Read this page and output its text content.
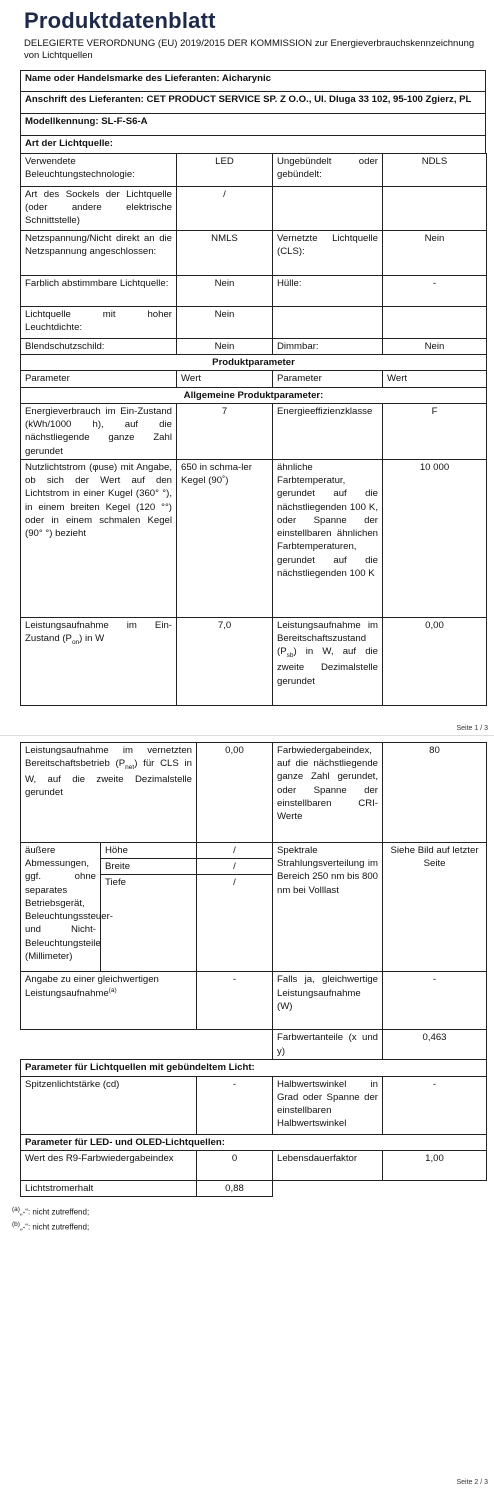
Produktdatenblatt
DELEGIERTE VERORDNUNG (EU) 2019/2015 DER KOMMISSION zur Energieverbrauchskennzeichnung von Lichtquellen
Name oder Handelsmarke des Lieferanten: Aicharynic
Anschrift des Lieferanten: CET PRODUCT SERVICE SP. Z O.O., Ul. Dluga 33 102, 95-100 Zgierz, PL
Modellkennung: SL-F-S6-A
Art der Lichtquelle:
Verwendete Beleuchtungstechnologie:	LED	Ungebündelt oder gebündelt:	NDLS
Art des Sockels der Lichtquelle (oder andere elektrische Schnittstelle)	/		
Netzspannung/Nicht direkt an die Netzspannung angeschlossen:	NMLS	Vernetzte Lichtquelle (CLS):	Nein
Farblich abstimmbare Lichtquelle:	Nein	Hülle:	-
Lichtquelle mit hoher Leuchtdichte:	Nein		
Blendschutzschild:	Nein	Dimmbar:	Nein
Produktparameter			
Parameter	Wert	Parameter	Wert
Allgemeine Produktparameter:			
Energieverbrauch im Ein-Zustand (kWh/1000 h), auf die nächstliegende ganze Zahl gerundet	7	Energieeffizienzklasse	F
Nutzlichtstrom (φuse) mit Angabe, ob sich der Wert auf den Lichtstrom in einer Kugel (360° °), in einem breiten Kegel (120 °°) oder in einem schmalen Kegel (90° °) bezieht	650 in schma-ler Kegel (90˚)	ähnliche Farbtemperatur, gerundet auf die nächstliegenden 100 K, oder Spanne der einstellbaren ähnlichen Farbtemperaturen, gerundet auf die nächstliegenden 100 K	10 000
Leistungsaufnahme im Ein-Zustand $(P_{on})$ in W	7,0	Leistungsaufnahme im Bereitschaftszustand $(P_{sb})$ in W, auf die zweite Dezimalstelle gerundet	0,00
Seite 1 / 3
Leistungsaufnahme im vernetzten Bereitschaftsbetrieb $(P_{net})$ für CLS in W, auf die zweite Dezimalstelle gerundet		0,00	Farbwiedergabeindex, auf die nächstliegende ganze Zahl gerundet, oder Spanne der einstellbaren CRI-Werte	80
äußere Abmessungen, ggf. ohne separates Betriebsgerät, Beleuchtungssteuer- und Nicht-Beleuchtungsteile (Millimeter)	Höhe	/	Spektrale Strahlungsverteilung im Bereich 250 nm bis 800 nm bei Volllast	Siehe Bild auf letzter Seite
	Breite	/		
	Tiefe	/		
Angabe zu einer gleichwertigen Leistungsaufnahme$^{(a)}$		-	Falls ja, gleichwertige Leistungsaufnahme (W)	-
			Farbwertanteile (x und y)	0,463
Parameter für Lichtquellen mit gebündeltem Licht:				
Spitzenlichtstärke (cd)		-	Halbwertswinkel in Grad oder Spanne der einstellbaren Halbwertswinkel	-
Parameter für LED- und OLED-Lichtquellen:				
Wert des R9-Farbwiedergabeindex		0	Lebensdauerfaktor	1,00
Lichtstromerhalt		0,88		
$^{(a)}$„-“: nicht zutreffend;
$^{(b)}$„-“: nicht zutreffend;
Seite 2 / 3
